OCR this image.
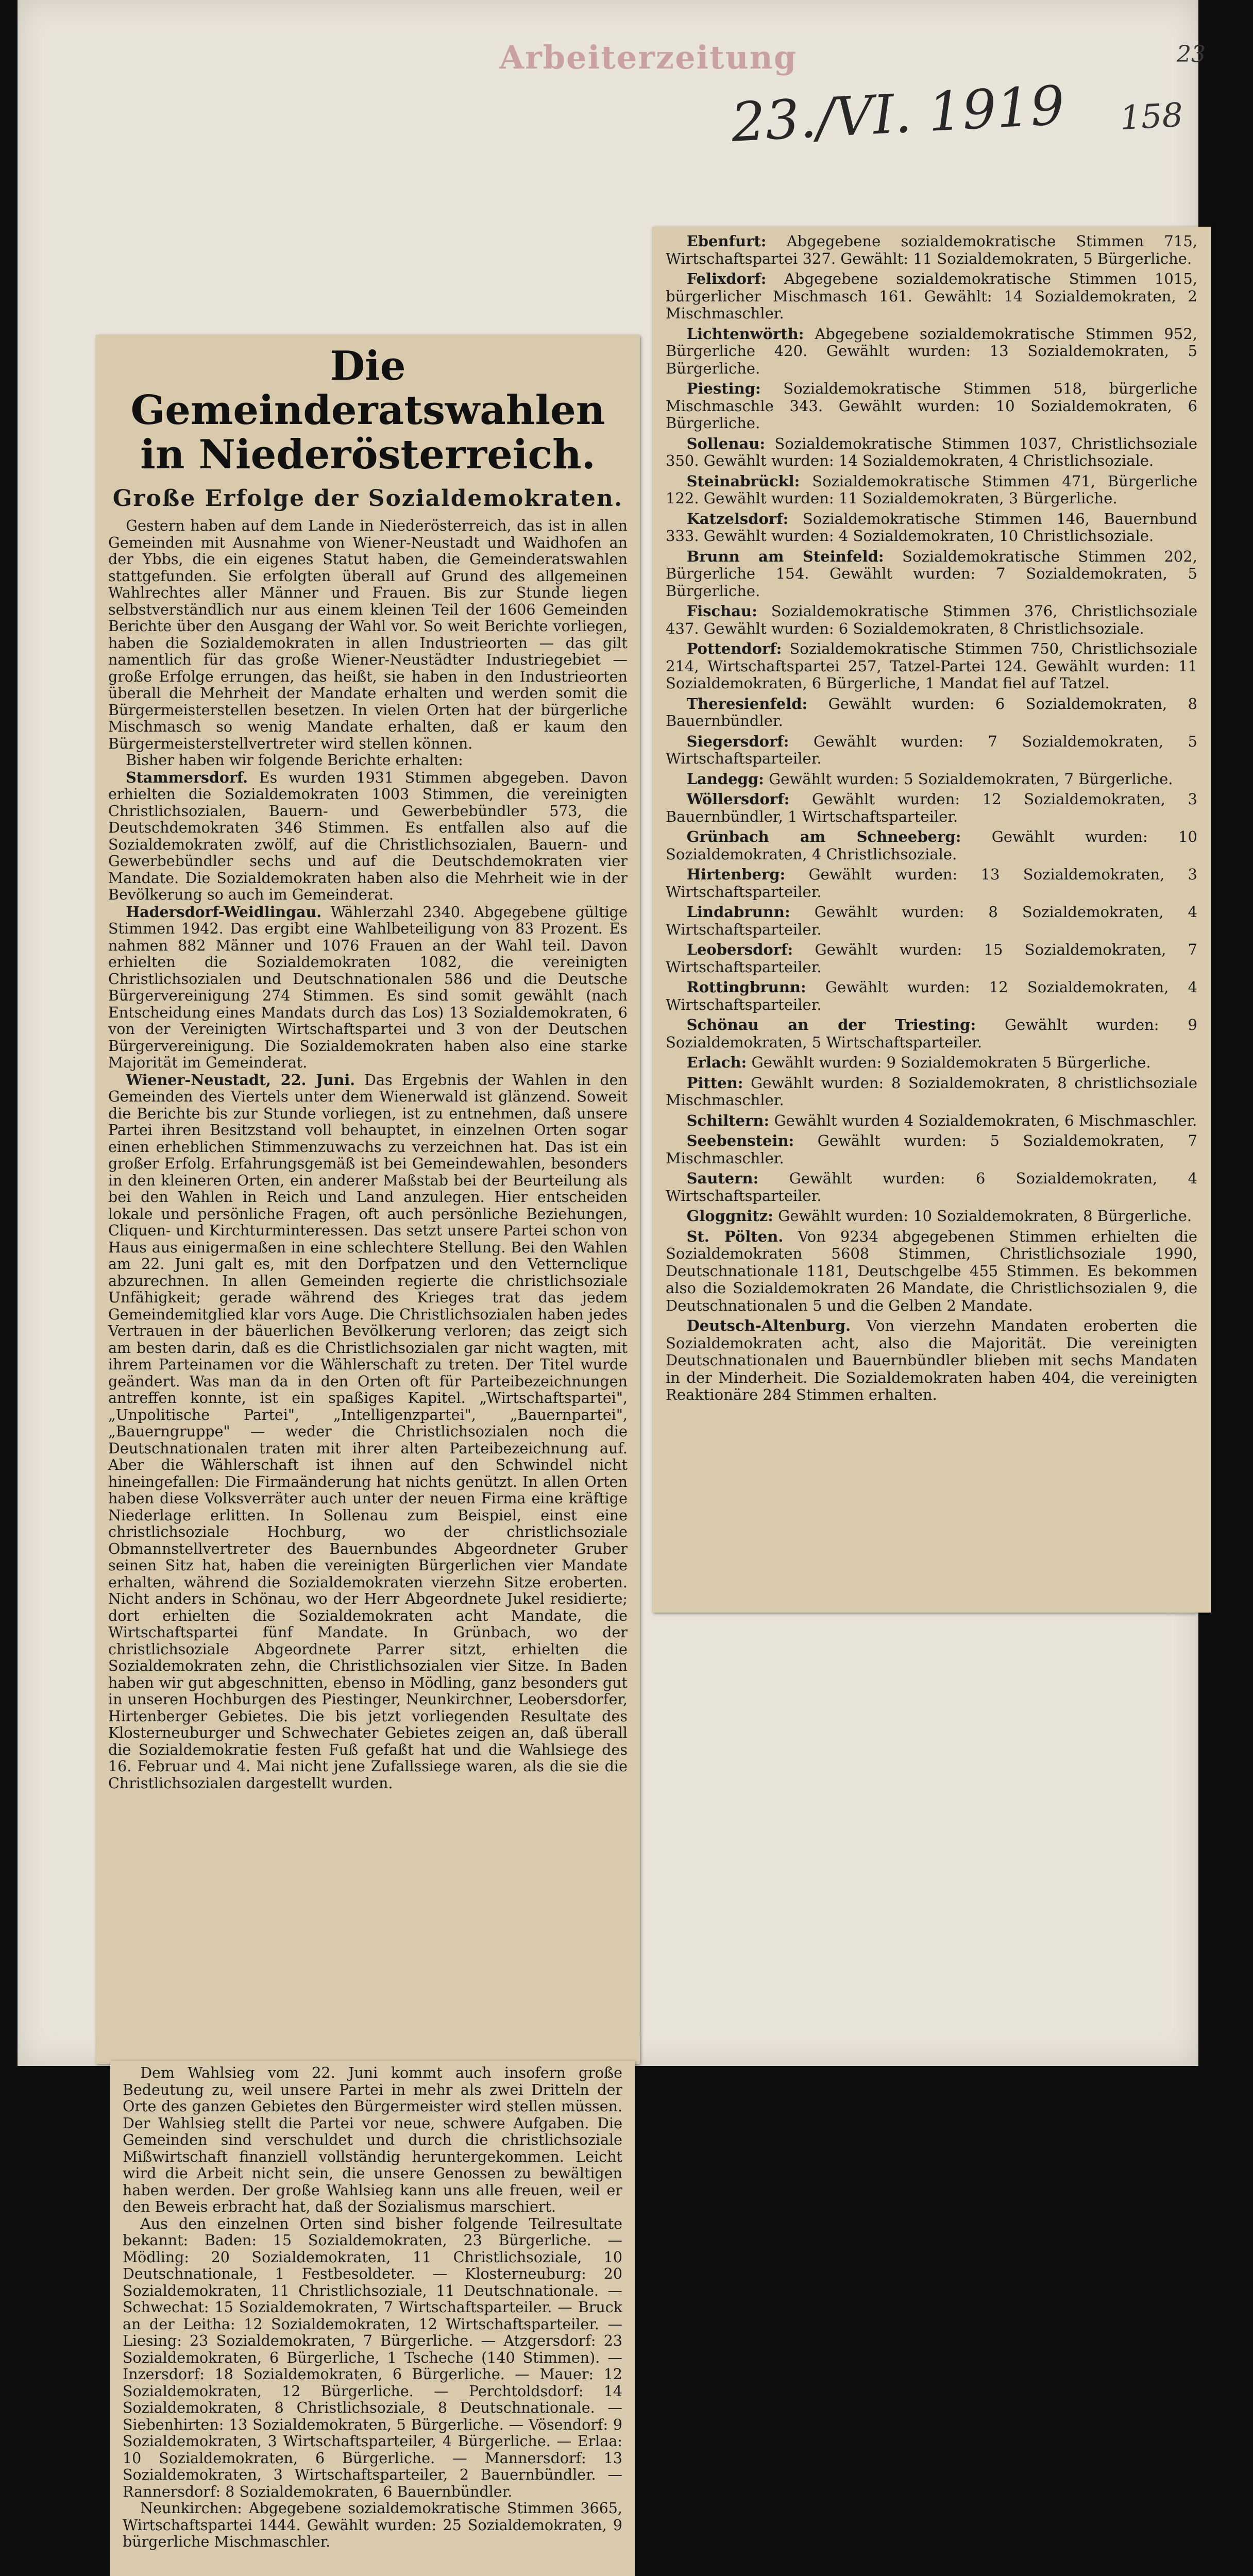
Arbeiterzeitung
23./VI. 1919 158
23
Die Gemeinderatswahlen in Niederösterreich.
Große Erfolge der Sozialdemokraten.

Gestern haben auf dem Lande in Niederösterreich, das ist in allen Gemeinden mit Ausnahme von Wiener-Neustadt und Waidhofen an der Ybbs, die ein eigenes Statut haben, die Gemeinderatswahlen stattgefunden. Sie erfolgten überall auf Grund des allgemeinen Wahlrechtes aller Männer und Frauen. Bis zur Stunde liegen selbstverständlich nur aus einem kleinen Teil der 1606 Gemeinden Berichte über den Ausgang der Wahl vor. So weit Berichte vorliegen, haben die Sozialdemokraten in allen Industrieorten — das gilt namentlich für das große Wiener-Neustädter Industriegebiet — große Erfolge errungen, das heißt, sie haben in den Industrieorten überall die Mehrheit der Mandate erhalten und werden somit die Bürgermeisterstellen besetzen. In vielen Orten hat der bürgerliche Mischmasch so wenig Mandate erhalten, daß er kaum den Bürgermeisterstellvertreter wird stellen können.

Bisher haben wir folgende Berichte erhalten:

Stammersdorf. Es wurden 1931 Stimmen abgegeben. Davon erhielten die Sozialdemokraten 1003 Stimmen, die vereinigten Christlichsozialen, Bauern- und Gewerbebündler 573, die Deutschdemokraten 346 Stimmen. Es entfallen also auf die Sozialdemokraten zwölf, auf die Christlichsozialen, Bauern- und Gewerbebündler sechs und auf die Deutschdemokraten vier Mandate. Die Sozialdemokraten haben also die Mehrheit wie in der Bevölkerung so auch im Gemeinderat.

Hadersdorf-Weidlingau. Wählerzahl 2340. Abgegebene gültige Stimmen 1942. Das ergibt eine Wahlbeteiligung von 83 Prozent. Es nahmen 882 Männer und 1076 Frauen an der Wahl teil. Davon erhielten die Sozialdemokraten 1082, die vereinigten Christlichsozialen und Deutschnationalen 586 und die Deutsche Bürgervereinigung 274 Stimmen. Es sind somit gewählt (nach Entscheidung eines Mandats durch das Los) 13 Sozialdemokraten, 6 von der Vereinigten Wirtschaftspartei und 3 von der Deutschen Bürgervereinigung. Die Sozialdemokraten haben also eine starke Majorität im Gemeinderat.

Wiener-Neustadt, 22. Juni. Das Ergebnis der Wahlen in den Gemeinden des Viertels unter dem Wienerwald ist glänzend. Soweit die Berichte bis zur Stunde vorliegen, ist zu entnehmen, daß unsere Partei ihren Besitzstand voll behauptet, in einzelnen Orten sogar einen erheblichen Stimmenzuwachs zu verzeichnen hat. Das ist ein großer Erfolg. Erfahrungsgemäß ist bei Gemeindewahlen, besonders in den kleineren Orten, ein anderer Maßstab bei der Beurteilung als bei den Wahlen in Reich und Land anzulegen. Hier entscheiden lokale und persönliche Fragen, oft auch persönliche Beziehungen, Cliquen- und Kirchturminteressen. Das setzt unsere Partei schon von Haus aus einigermaßen in eine schlechtere Stellung. Bei den Wahlen am 22. Juni galt es, mit den Dorfpatzen und den Vetternclique abzurechnen. In allen Gemeinden regierte die christlichsoziale Unfähigkeit; gerade während des Krieges trat das jedem Gemeindemitglied klar vors Auge. Die Christlichsozialen haben jedes Vertrauen in der bäuerlichen Bevölkerung verloren; das zeigt sich am besten darin, daß es die Christlichsozialen gar nicht wagten, mit ihrem Parteinamen vor die Wählerschaft zu treten. Der Titel wurde geändert. Was man da in den Orten oft für Parteibezeichnungen antreffen konnte, ist ein spaßiges Kapitel. „Wirtschaftspartei", „Unpolitische Partei", „Intelligenzpartei", „Bauernpartei", „Bauerngruppe" — weder die Christlichsozialen noch die Deutschnationalen traten mit ihrer alten Parteibezeichnung auf. Aber die Wählerschaft ist ihnen auf den Schwindel nicht hineingefallen: Die Firmaänderung hat nichts genützt. In allen Orten haben diese Volksverräter auch unter der neuen Firma eine kräftige Niederlage erlitten. In Sollenau zum Beispiel, einst eine christlichsoziale Hochburg, wo der christlichsoziale Obmannstellvertreter des Bauernbundes Abgeordneter Gruber seinen Sitz hat, haben die vereinigten Bürgerlichen vier Mandate erhalten, während die Sozialdemokraten vierzehn Sitze eroberten. Nicht anders in Schönau, wo der Herr Abgeordnete Jukel residierte; dort erhielten die Sozialdemokraten acht Mandate, die Wirtschaftspartei fünf Mandate. In Grünbach, wo der christlichsoziale Abgeordnete Parrer sitzt, erhielten die Sozialdemokraten zehn, die Christlichsozialen vier Sitze. In Baden haben wir gut abgeschnitten, ebenso in Mödling, ganz besonders gut in unseren Hochburgen des Piestinger, Neunkirchner, Leobersdorfer, Hirtenberger Gebietes. Die bis jetzt vorliegenden Resultate des Klosterneuburger und Schwechater Gebietes zeigen an, daß überall die Sozialdemokratie festen Fuß gefaßt hat und die Wahlsiege des 16. Februar und 4. Mai nicht jene Zufallssiege waren, als die sie die Christlichsozialen dargestellt wurden.

Dem Wahlsieg vom 22. Juni kommt auch insofern große Bedeutung zu, weil unsere Partei in mehr als zwei Dritteln der Orte des ganzen Gebietes den Bürgermeister wird stellen müssen. Der Wahlsieg stellt die Partei vor neue, schwere Aufgaben. Die Gemeinden sind verschuldet und durch die christlichsoziale Mißwirtschaft finanziell vollständig heruntergekommen. Leicht wird die Arbeit nicht sein, die unsere Genossen zu bewältigen haben werden. Der große Wahlsieg kann uns alle freuen, weil er den Beweis erbracht hat, daß der Sozialismus marschiert.

Aus den einzelnen Orten sind bisher folgende Teilresultate bekannt: Baden: 15 Sozialdemokraten, 23 Bürgerliche. — Mödling: 20 Sozialdemokraten, 11 Christlichsoziale, 10 Deutschnationale, 1 Festbesoldeter. — Klosterneuburg: 20 Sozialdemokraten, 11 Christlichsoziale, 11 Deutschnationale. — Schwechat: 15 Sozialdemokraten, 7 Wirtschaftsparteiler. — Bruck an der Leitha: 12 Sozialdemokraten, 12 Wirtschaftsparteiler. — Liesing: 23 Sozialdemokraten, 7 Bürgerliche. — Atzgersdorf: 23 Sozialdemokraten, 6 Bürgerliche, 1 Tscheche (140 Stimmen). — Inzersdorf: 18 Sozialdemokraten, 6 Bürgerliche. — Mauer: 12 Sozialdemokraten, 12 Bürgerliche. — Perchtoldsdorf: 14 Sozialdemokraten, 8 Christlichsoziale, 8 Deutschnationale. — Siebenhirten: 13 Sozialdemokraten, 5 Bürgerliche. — Vösendorf: 9 Sozialdemokraten, 3 Wirtschaftsparteiler, 4 Bürgerliche. — Erlaa: 10 Sozialdemokraten, 6 Bürgerliche. — Mannersdorf: 13 Sozialdemokraten, 3 Wirtschaftsparteiler, 2 Bauernbündler. — Rannersdorf: 8 Sozialdemokraten, 6 Bauernbündler.

Neunkirchen: Abgegebene sozialdemokratische Stimmen 3665, Wirtschaftspartei 1444. Gewählt wurden: 25 Sozialdemokraten, 9 bürgerliche Mischmaschler.

Ebenfurt: Abgegebene sozialdemokratische Stimmen 715, Wirtschaftspartei 327. Gewählt: 11 Sozialdemokraten, 5 Bürgerliche.

Felixdorf: Abgegebene sozialdemokratische Stimmen 1015, bürgerlicher Mischmasch 161. Gewählt: 14 Sozialdemokraten, 2 Mischmaschler.

Lichtenwörth: Abgegebene sozialdemokratische Stimmen 952, Bürgerliche 420. Gewählt wurden: 13 Sozialdemokraten, 5 Bürgerliche.

Piesting: Sozialdemokratische Stimmen 518, bürgerliche Mischmaschle 343. Gewählt wurden: 10 Sozialdemokraten, 6 Bürgerliche.

Sollenau: Sozialdemokratische Stimmen 1037, Christlichsoziale 350. Gewählt wurden: 14 Sozialdemokraten, 4 Christlichsoziale.

Steinabrückl: Sozialdemokratische Stimmen 471, Bürgerliche 122. Gewählt wurden: 11 Sozialdemokraten, 3 Bürgerliche.

Katzelsdorf: Sozialdemokratische Stimmen 146, Bauernbund 333. Gewählt wurden: 4 Sozialdemokraten, 10 Christlichsoziale.

Brunn am Steinfeld: Sozialdemokratische Stimmen 202, Bürgerliche 154. Gewählt wurden: 7 Sozialdemokraten, 5 Bürgerliche.

Fischau: Sozialdemokratische Stimmen 376, Christlichsoziale 437. Gewählt wurden: 6 Sozialdemokraten, 8 Christlichsoziale.

Pottendorf: Sozialdemokratische Stimmen 750, Christlichsoziale 214, Wirtschaftspartei 257, Tatzel-Partei 124. Gewählt wurden: 11 Sozialdemokraten, 6 Bürgerliche, 1 Mandat fiel auf Tatzel.

Theresienfeld: Gewählt wurden: 6 Sozialdemokraten, 8 Bauernbündler.

Siegersdorf: Gewählt wurden: 7 Sozialdemokraten, 5 Wirtschaftsparteiler.

Landegg: Gewählt wurden: 5 Sozialdemokraten, 7 Bürgerliche.

Wöllersdorf: Gewählt wurden: 12 Sozialdemokraten, 3 Bauernbündler, 1 Wirtschaftsparteiler.

Grünbach am Schneeberg: Gewählt wurden: 10 Sozialdemokraten, 4 Christlichsoziale.

Hirtenberg: Gewählt wurden: 13 Sozialdemokraten, 3 Wirtschaftsparteiler.

Lindabrunn: Gewählt wurden: 8 Sozialdemokraten, 4 Wirtschaftsparteiler.

Leobersdorf: Gewählt wurden: 15 Sozialdemokraten, 7 Wirtschaftsparteiler.

Rottingbrunn: Gewählt wurden: 12 Sozialdemokraten, 4 Wirtschaftsparteiler.

Schönau an der Triesting: Gewählt wurden: 9 Sozialdemokraten, 5 Wirtschaftsparteiler.

Erlach: Gewählt wurden: 9 Sozialdemokraten 5 Bürgerliche.

Pitten: Gewählt wurden: 8 Sozialdemokraten, 8 christlichsoziale Mischmaschler.

Schiltern: Gewählt wurden 4 Sozialdemokraten, 6 Mischmaschler.

Seebenstein: Gewählt wurden: 5 Sozialdemokraten, 7 Mischmaschler.

Sautern: Gewählt wurden: 6 Sozialdemokraten, 4 Wirtschaftsparteiler.

Gloggnitz: Gewählt wurden: 10 Sozialdemokraten, 8 Bürgerliche.

St. Pölten. Von 9234 abgegebenen Stimmen erhielten die Sozialdemokraten 5608 Stimmen, Christlichsoziale 1990, Deutschnationale 1181, Deutschgelbe 455 Stimmen. Es bekommen also die Sozialdemokraten 26 Mandate, die Christlichsozialen 9, die Deutschnationalen 5 und die Gelben 2 Mandate.

Deutsch-Altenburg. Von vierzehn Mandaten eroberten die Sozialdemokraten acht, also die Majorität. Die vereinigten Deutschnationalen und Bauernbündler blieben mit sechs Mandaten in der Minderheit. Die Sozialdemokraten haben 404, die vereinigten Reaktionäre 284 Stimmen erhalten.
